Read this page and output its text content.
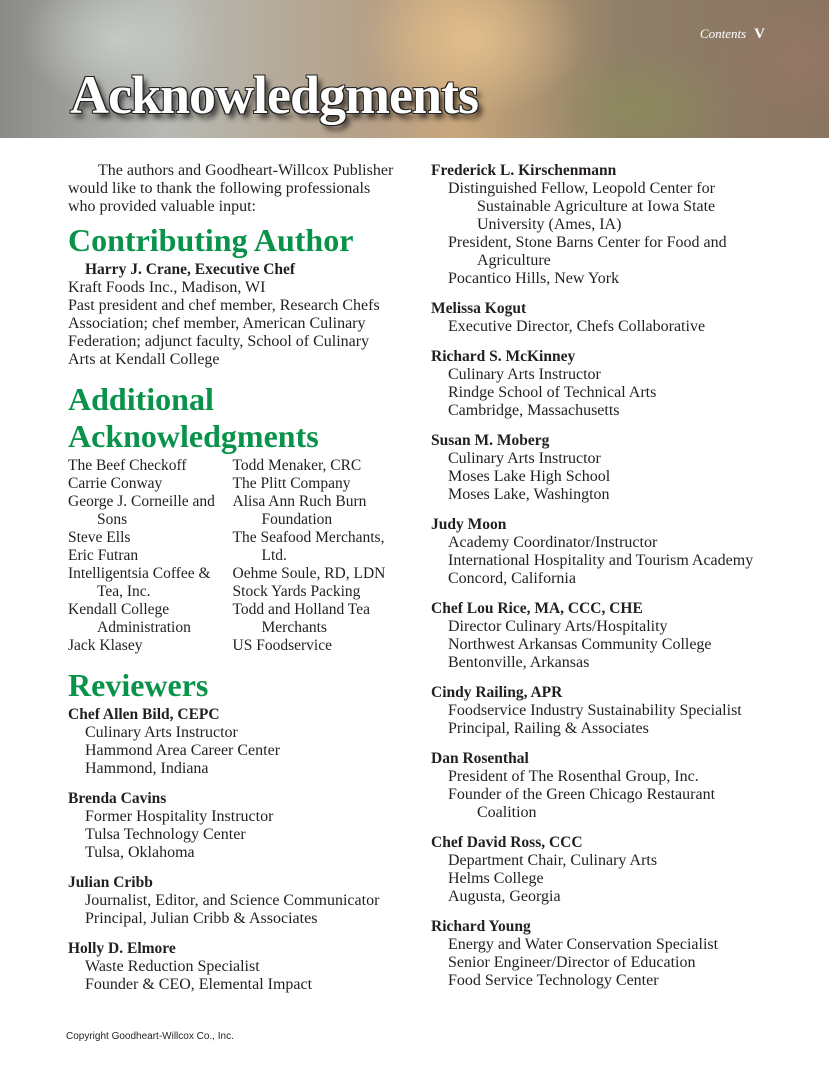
Contents V
Acknowledgments

The authors and Goodheart-Willcox Publisher would like to thank the following professionals who provided valuable input:

Contributing Author
Harry J. Crane, Executive Chef
Kraft Foods Inc., Madison, WI
Past president and chef member, Research Chefs Association; chef member, American Culinary Federation; adjunct faculty, School of Culinary Arts at Kendall College
Additional
Acknowledgments
The Beef Checkoff
Carrie Conway
George J. Corneille and Sons
Steve Ells
Eric Futran
Intelligentsia Coffee & Tea, Inc.
Kendall College Administration
Jack Klasey
Todd Menaker, CRC
The Plitt Company
Alisa Ann Ruch Burn Foundation
The Seafood Merchants, Ltd.
Oehme Soule, RD, LDN
Stock Yards Packing
Todd and Holland Tea Merchants
US Foodservice
Reviewers
Chef Allen Bild, CEPC
Culinary Arts Instructor
Hammond Area Career Center
Hammond, Indiana
Brenda Cavins
Former Hospitality Instructor
Tulsa Technology Center
Tulsa, Oklahoma
Julian Cribb
Journalist, Editor, and Science Communicator
Principal, Julian Cribb & Associates
Holly D. Elmore
Waste Reduction Specialist
Founder & CEO, Elemental Impact
Frederick L. Kirschenmann
Distinguished Fellow, Leopold Center for Sustainable Agriculture at Iowa State University (Ames, IA)
President, Stone Barns Center for Food and Agriculture
Pocantico Hills, New York
Melissa Kogut
Executive Director, Chefs Collaborative
Richard S. McKinney
Culinary Arts Instructor
Rindge School of Technical Arts
Cambridge, Massachusetts
Susan M. Moberg
Culinary Arts Instructor
Moses Lake High School
Moses Lake, Washington
Judy Moon
Academy Coordinator/Instructor
International Hospitality and Tourism Academy
Concord, California
Chef Lou Rice, MA, CCC, CHE
Director Culinary Arts/Hospitality
Northwest Arkansas Community College
Bentonville, Arkansas
Cindy Railing, APR
Foodservice Industry Sustainability Specialist
Principal, Railing & Associates
Dan Rosenthal
President of The Rosenthal Group, Inc.
Founder of the Green Chicago Restaurant Coalition
Chef David Ross, CCC
Department Chair, Culinary Arts
Helms College
Augusta, Georgia
Richard Young
Energy and Water Conservation Specialist
Senior Engineer/Director of Education
Food Service Technology Center
Copyright Goodheart-Willcox Co., Inc.
